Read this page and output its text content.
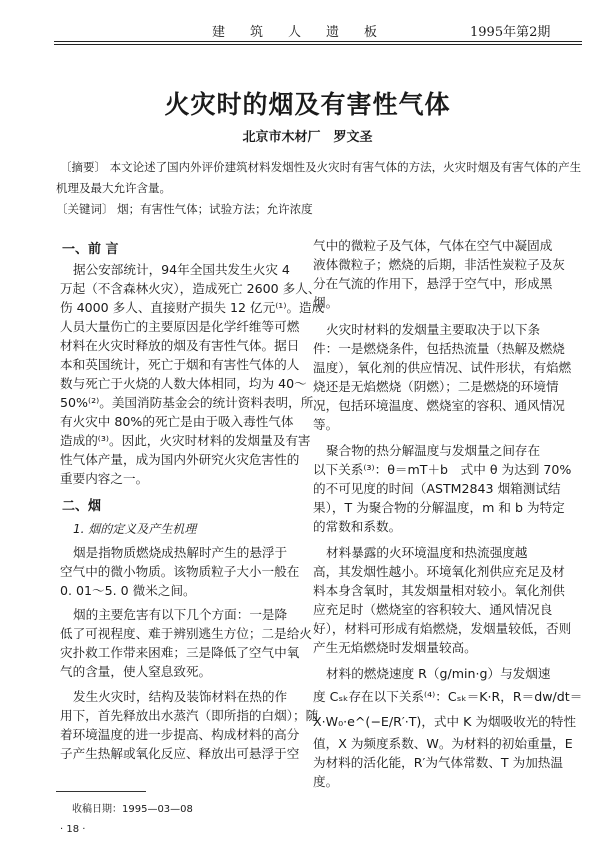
建　筑　人　遗　板	1995年第2期
火灾时的烟及有害性气体
北京市木材厂　罗文圣
〔摘要〕 本文论述了国内外评价建筑材料发烟性及火灾时有害气体的方法，火灾时烟及有害气体的产生
机理及最大允许含量。
〔关键词〕 烟；有害性气体；试验方法；允许浓度
一、前 言
据公安部统计，94年全国共发生火灾 4
万起（不含森林火灾），造成死亡 2600 多人、
伤 4000 多人、直接财产损失 12 亿元⁽¹⁾。造成
人员大量伤亡的主要原因是化学纤维等可燃
材料在火灾时释放的烟及有害性气体。据日
本和英国统计，死亡于烟和有害性气体的人
数与死亡于火烧的人数大体相同，均为 40～
50%⁽²⁾。美国消防基金会的统计资料表明，所
有火灾中 80%的死亡是由于吸入毒性气体
造成的⁽³⁾。因此，火灾时材料的发烟量及有害
性气体产量，成为国内外研究火灾危害性的
重要内容之一。
二、烟
1. 烟的定义及产生机理
烟是指物质燃烧成热解时产生的悬浮于
空气中的微小物质。该物质粒子大小一般在
0. 01～5. 0 微米之间。
烟的主要危害有以下几个方面：一是降
低了可视程度、难于辨别逃生方位；二是给火
灾扑救工作带来困难；三是降低了空气中氧
气的含量，使人窒息致死。
发生火灾时，结构及装饰材料在热的作
用下，首先释放出水蒸汽（即所指的白烟）；随
着环境温度的进一步提高、构成材料的高分
子产生热解或氧化反应、释放出可悬浮于空
收稿日期：1995—03—08
· 18 ·
气中的微粒子及气体，气体在空气中凝固成
液体微粒子；燃烧的后期，非活性炭粒子及灰
分在气流的作用下，悬浮于空气中，形成黑
烟。
火灾时材料的发烟量主要取决于以下条
件：一是燃烧条件，包括热流量（热解及燃烧
温度），氧化剂的供应情况、试件形状，有焰燃
烧还是无焰燃烧（阴燃）；二是燃烧的环境情
况，包括环境温度、燃烧室的容积、通风情况
等。
聚合物的热分解温度与发烟量之间存在
以下关系⁽³⁾：θ＝mT＋b　式中 θ 为达到 70%
的不可见度的时间（ASTM2843 烟箱测试结
果），T 为聚合物的分解温度，m 和 b 为特定
的常数和系数。
材料暴露的火环境温度和热流强度越
高，其发烟性越小。环境氧化剂供应充足及材
料本身含氧时，其发烟量相对较小。氧化剂供
应充足时（燃烧室的容积较大、通风情况良
好），材料可形成有焰燃烧，发烟量较低，否则
产生无焰燃烧时发烟量较高。
材料的燃烧速度 R（g/min·g）与发烟速
度 Cₛₖ存在以下关系⁽⁴⁾：Cₛₖ＝K·R，R＝dw/dt＝
X·W₀·e^(−E/R′·T)，式中 K 为烟吸收光的特性
值，X 为频度系数、W。为材料的初始重量，E
为材料的活化能，R′为气体常数、T 为加热温
度。
